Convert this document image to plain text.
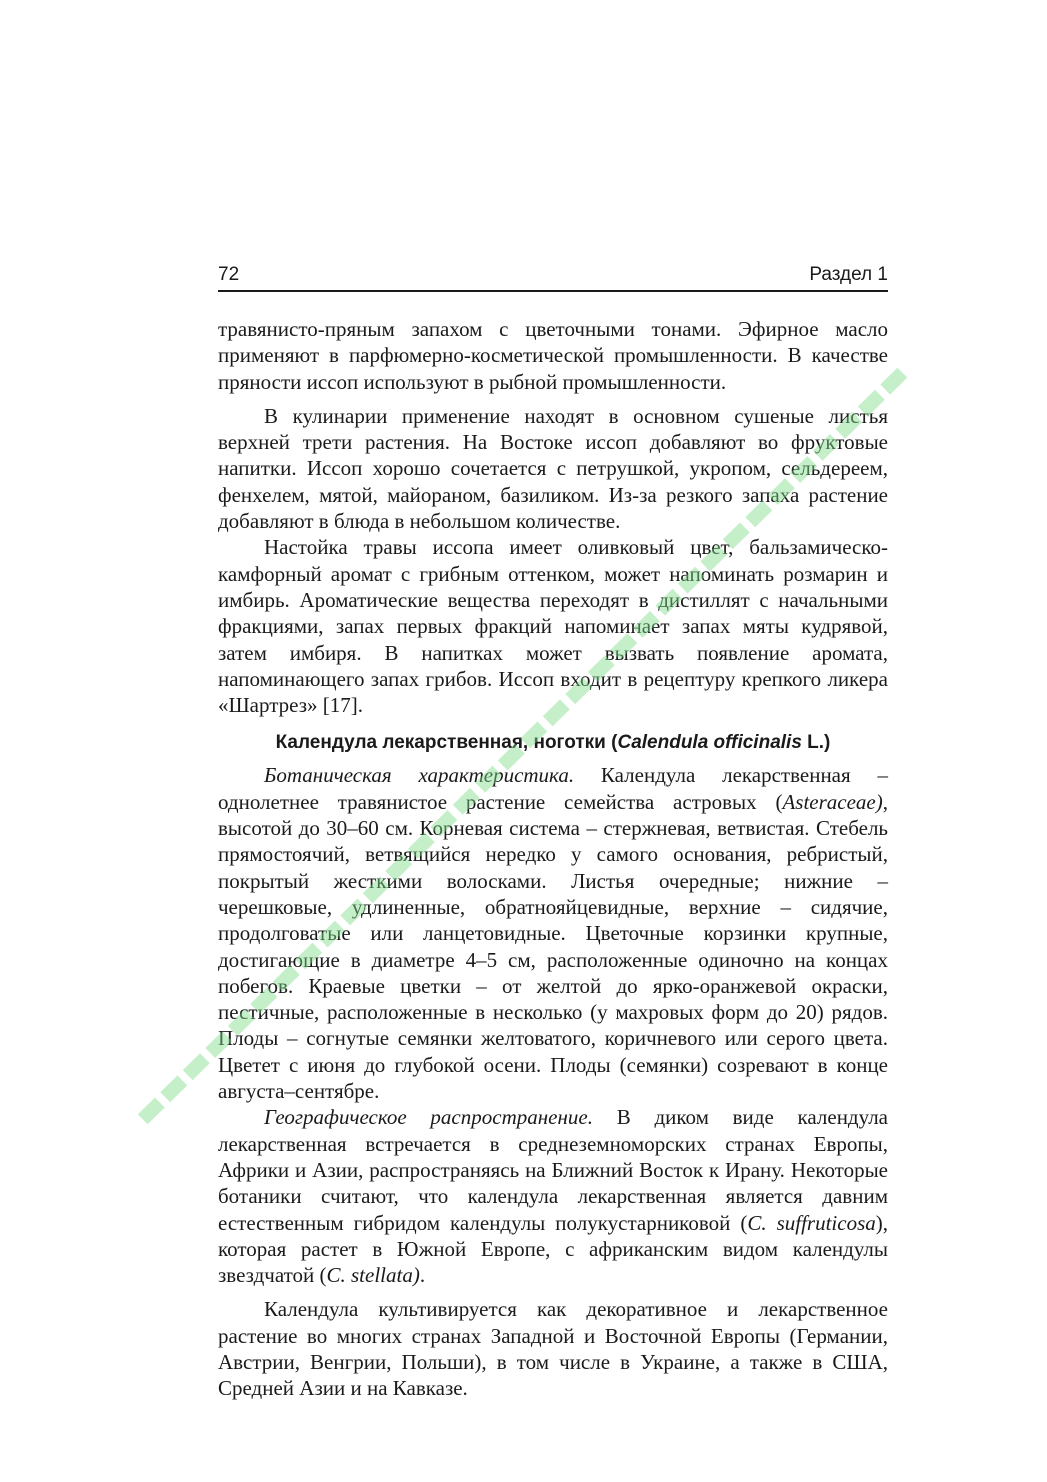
72	Раздел 1

травянисто-пряным запахом с цветочными тонами. Эфирное масло применяют в парфюмерно-косметической промышленности. В качестве пряности иссоп используют в рыбной промышленности.

В кулинарии применение находят в основном сушеные листья верхней трети растения. На Востоке иссоп добавляют во фруктовые напитки. Иссоп хорошо сочетается с петрушкой, укропом, сельдереем, фенхелем, мятой, майораном, базиликом. Из-за резкого запаха растение добавляют в блюда в небольшом количестве.

Настойка травы иссопа имеет оливковый цвет, бальзамическо-камфорный аромат с грибным оттенком, может напоминать розмарин и имбирь. Ароматические вещества переходят в дистиллят с начальными фракциями, запах первых фракций напоминает запах мяты кудрявой, затем имбиря. В напитках может вызвать появление аромата, напоминающего запах грибов. Иссоп входит в рецептуру крепкого ликера «Шартрез» [17].

Календула лекарственная, ноготки (Calendula officinalis L.)

Ботаническая характеристика. Календула лекарственная – однолетнее травянистое растение семейства астровых (Asteraceae), высотой до 30–60 см. Корневая система – стержневая, ветвистая. Стебель прямостоячий, ветвящийся нередко у самого основания, ребристый, покрытый жесткими волосками. Листья очередные; нижние – черешковые, удлиненные, обратнояйцевидные, верхние – сидячие, продолговатые или ланцетовидные. Цветочные корзинки крупные, достигающие в диаметре 4–5 см, расположенные одиночно на концах побегов. Краевые цветки – от желтой до ярко-оранжевой окраски, пестичные, расположенные в несколько (у махровых форм до 20) рядов. Плоды – согнутые семянки желтоватого, коричневого или серого цвета. Цветет с июня до глубокой осени. Плоды (семянки) созревают в конце августа–сентябре.

Географическое распространение. В диком виде календула лекарственная встречается в среднеземноморских странах Европы, Африки и Азии, распространяясь на Ближний Восток к Ирану. Некоторые ботаники считают, что календула лекарственная является давним естественным гибридом календулы полукустарниковой (C. suffruticosa), которая растет в Южной Европе, с африканским видом календулы звездчатой (C. stellata).

Календула культивируется как декоративное и лекарственное растение во многих странах Западной и Восточной Европы (Германии, Австрии, Венгрии, Польши), в том числе в Украине, а также в США, Средней Азии и на Кавказе.
